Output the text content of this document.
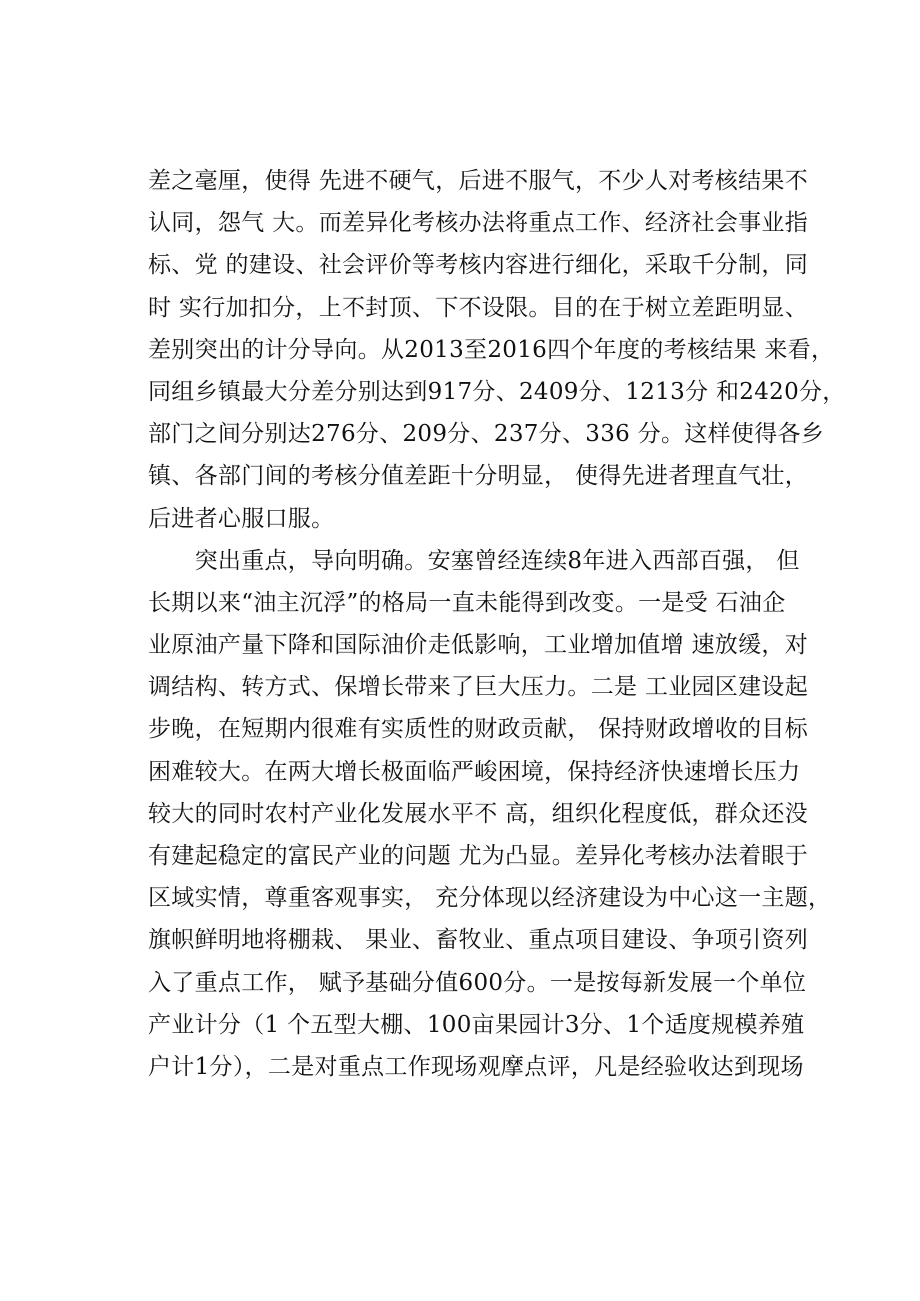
差之毫厘，使得 先进不硬气，后进不服气，不少人对考核结果不
认同，怨气 大。而差异化考核办法将重点工作、经济社会事业指
标、党 的建设、社会评价等考核内容进行细化，采取千分制，同
时 实行加扣分，上不封顶、下不设限。目的在于树立差距明显、
差别突出的计分导向。从2013至2016四个年度的考核结果 来看，
同组乡镇最大分差分别达到917分、2409分、1213分 和2420分，
部门之间分别达276分、209分、237分、336 分。这样使得各乡
镇、各部门间的考核分值差距十分明显， 使得先进者理直气壮，
后进者心服口服。
　　突出重点，导向明确。安塞曾经连续8年进入西部百强， 但
长期以来“油主沉浮”的格局一直未能得到改变。一是受 石油企
业原油产量下降和国际油价走低影响，工业增加值增 速放缓，对
调结构、转方式、保增长带来了巨大压力。二是 工业园区建设起
步晚，在短期内很难有实质性的财政贡献， 保持财政增收的目标
困难较大。在两大增长极面临严峻困境，保持经济快速增长压力
较大的同时农村产业化发展水平不 高，组织化程度低，群众还没
有建起稳定的富民产业的问题 尤为凸显。差异化考核办法着眼于
区域实情，尊重客观事实， 充分体现以经济建设为中心这一主题，
旗帜鲜明地将棚栽、 果业、畜牧业、重点项目建设、争项引资列
入了重点工作， 赋予基础分值600分。一是按每新发展一个单位
产业计分（1 个五型大棚、100亩果园计3分、1个适度规模养殖
户计1分），二是对重点工作现场观摩点评，凡是经验收达到现场
